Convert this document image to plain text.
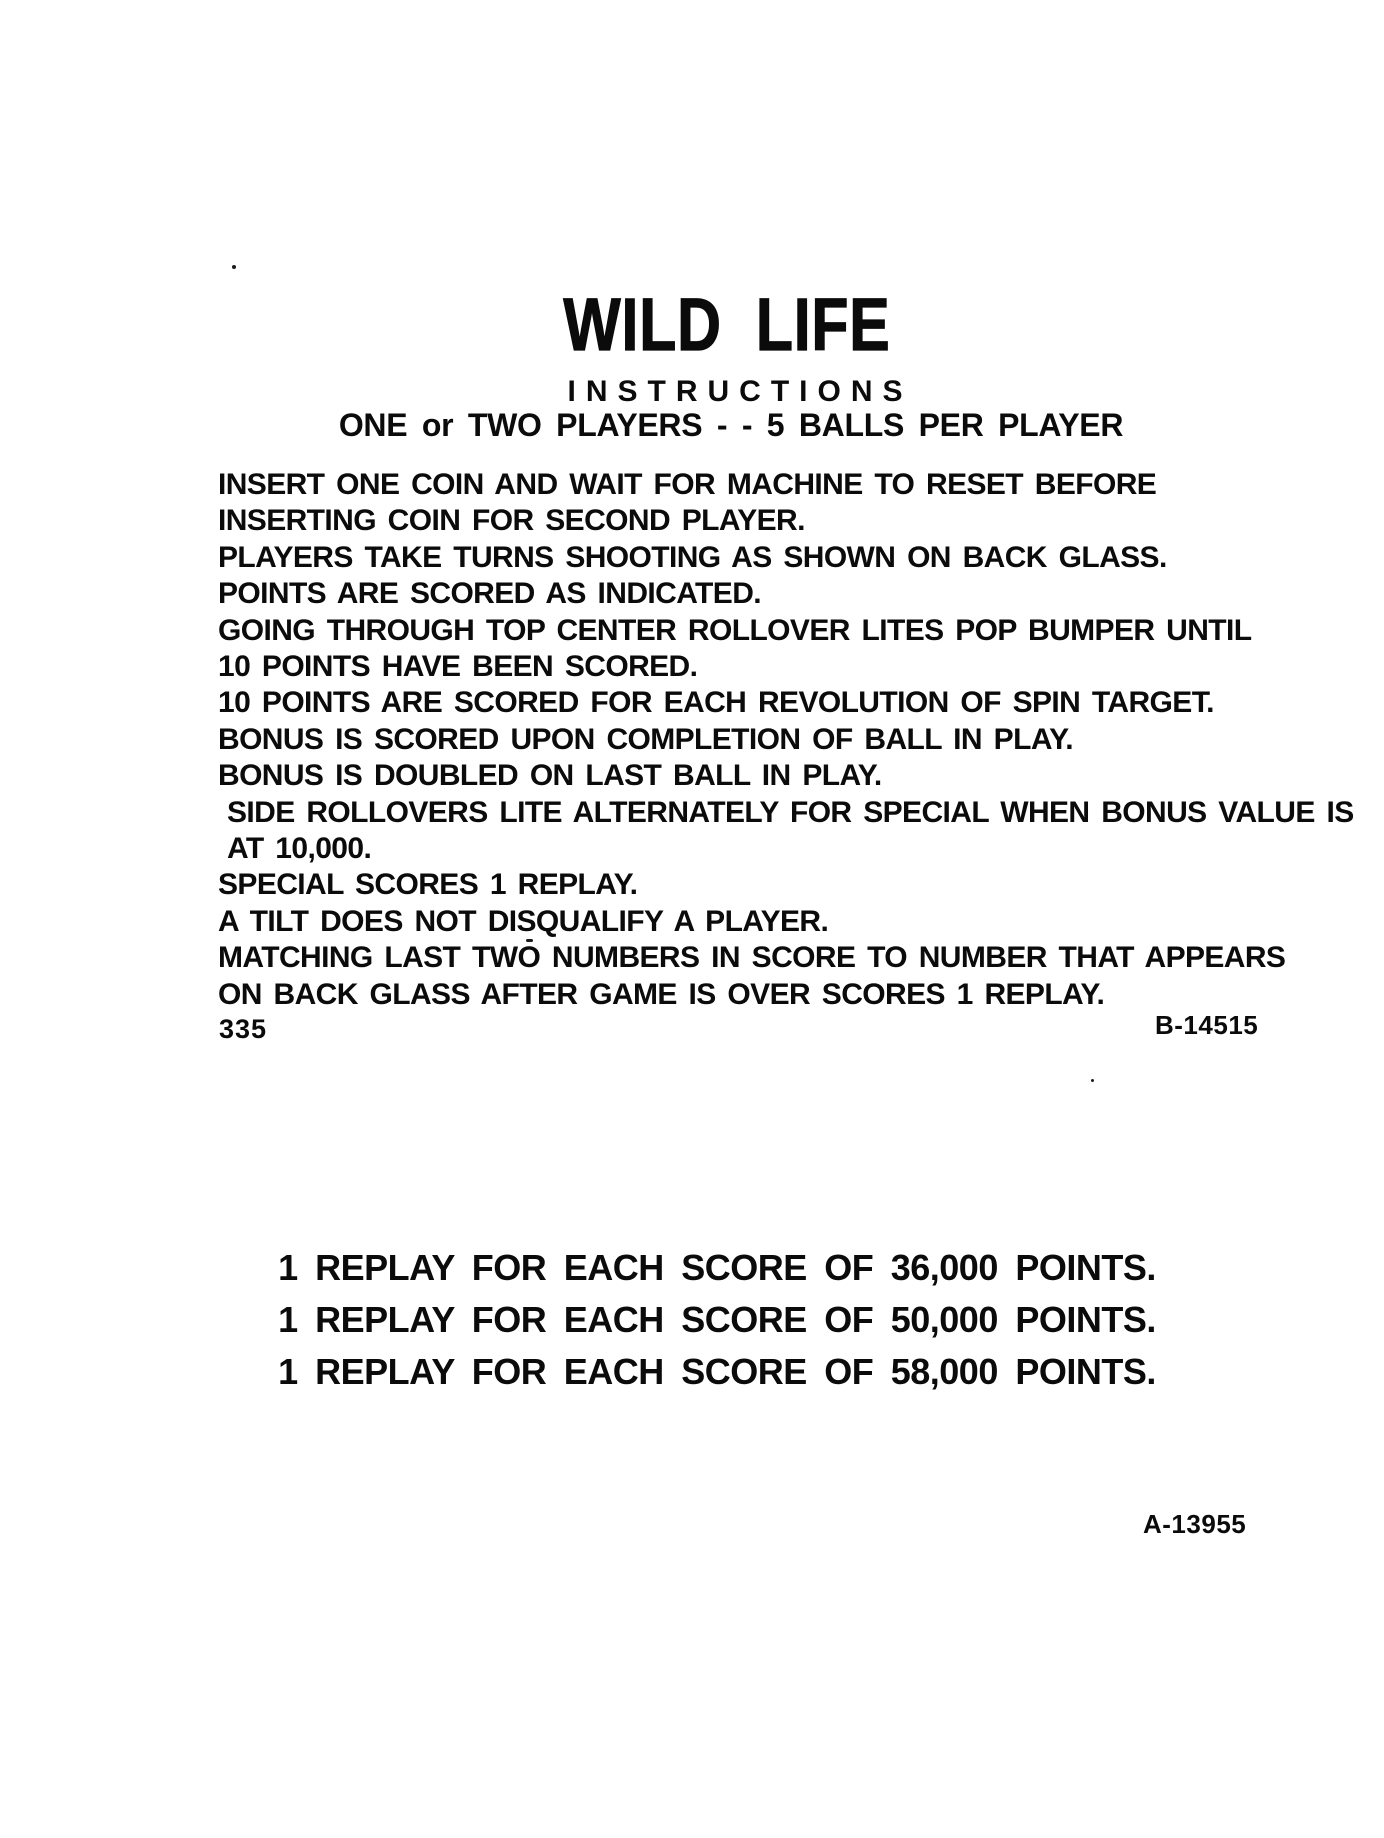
WILD LIFE
INSTRUCTIONS
ONE or TWO PLAYERS - - 5 BALLS PER PLAYER
INSERT ONE COIN AND WAIT FOR MACHINE TO RESET BEFORE
INSERTING COIN FOR SECOND PLAYER.
PLAYERS TAKE TURNS SHOOTING AS SHOWN ON BACK GLASS.
POINTS ARE SCORED AS INDICATED.
GOING THROUGH TOP CENTER ROLLOVER LITES POP BUMPER UNTIL
10 POINTS HAVE BEEN SCORED.
10 POINTS ARE SCORED FOR EACH REVOLUTION OF SPIN TARGET.
BONUS IS SCORED UPON COMPLETION OF BALL IN PLAY.
BONUS IS DOUBLED ON LAST BALL IN PLAY.
SIDE ROLLOVERS LITE ALTERNATELY FOR SPECIAL WHEN BONUS VALUE IS
AT 10,000.
SPECIAL SCORES 1 REPLAY.
A TILT DOES NOT DISQUALIFY A PLAYER.
MATCHING LAST TWO NUMBERS IN SCORE TO NUMBER THAT APPEARS
ON BACK GLASS AFTER GAME IS OVER SCORES 1 REPLAY.
335	B-14515
1 REPLAY FOR EACH SCORE OF 36,000 POINTS.
1 REPLAY FOR EACH SCORE OF 50,000 POINTS.
1 REPLAY FOR EACH SCORE OF 58,000 POINTS.
A-13955
